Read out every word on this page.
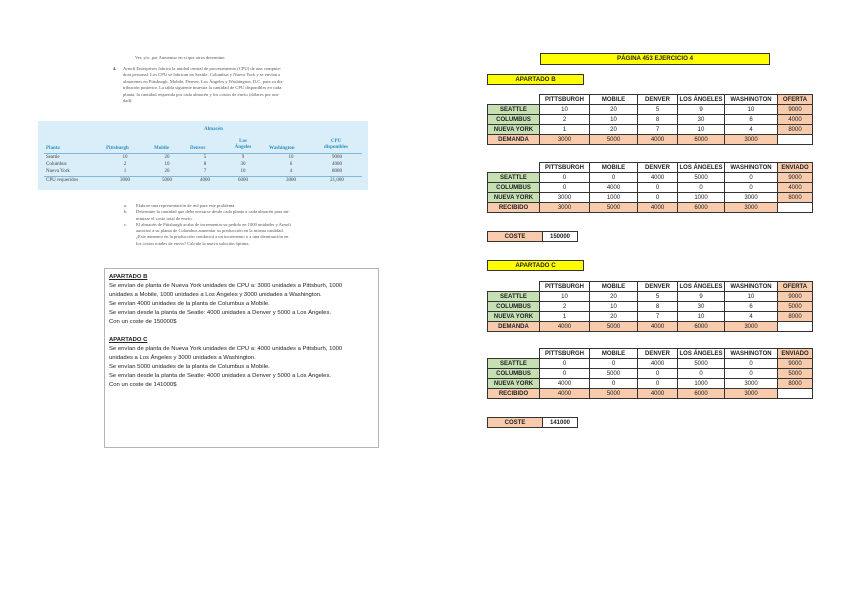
Ver, y/o, por Aumentar en si que otros determine.
4. Arnoft Enterprises fabrica la unidad central de procesamiento (CPU) de una computa-
dora personal. Los CPU se fabrican en Seattle, Columbus y Nueva York y se envían a
almacenes en Pittsburgh, Mobile, Denver, Los Ángeles y Washington, D.C. para su dis-
tribución posterior. La tabla siguiente muestra la cantidad de CPU disponibles en cada
planta, la cantidad requerida por cada almacén y los costos de envío (dólares por uni-
dad):
Almacén
Planta	Pittsburgh	Mobile	Denver
Los
Ángeles	Washington
CPU
disponibles
Seattle	10	20	5	9	10	9000
Columbus	2	10	8	30	6	4000
Nueva York	1	20	7	10	4	8000
CPU requeridos	3000	5000	4000	6000	3000	21,000
a. Elabore una representación de red para este problema.
b. Determine la cantidad que debe enviarse desde cada planta a cada almacén para mi-
nimizar el costo total de envío.
c. El almacén de Pittsburgh acaba de incrementar su pedido en 1000 unidades y Arnoft
autorizó a su planta de Columbus aumentar su producción en la misma cantidad.
¿Este aumento en la producción conducirá a un incremento o a una disminución en
los costos totales de envío? Calcule la nueva solución óptima.
APARTADO B
Se envían de planta de Nueva York unidades de CPU a: 3000 unidades a Pittsburh, 1000
unidades a Mobile, 1000 unidades a Los Ángeles y 3000 unidades a Washington.
Se envían 4000 unidades de la planta de Columbus a Mobile.
Se envían desde la planta de Seatle: 4000 unidades a Denver y 5000 a Los Ángeles.
Con un coste de 150000$
APARTADO C
Se envían de planta de Nueva York unidades de CPU a: 4000 unidades a Pittsburh, 1000
unidades a Los Ángeles y 3000 unidades a Washington.
Se envían 5000 unidades de la planta de Columbus a Mobile.
Se envían desde la planta de Seatle: 4000 unidades a Denver y 5000 a Los Ángeles.
Con un coste de 141000$
PÁGINA 453 EJERCICIO 4
APARTADO B
	PITTSBURGH	MOBILE	DENVER	LOS ÁNGELES	WASHINGTON	OFERTA
SEATTLE	10	20	5	9	10	9000
COLUMBUS	2	10	8	30	6	4000
NUEVA YORK	1	20	7	10	4	8000
DEMANDA	3000	5000	4000	6000	3000	
	PITTSBURGH	MOBILE	DENVER	LOS ÁNGELES	WASHINGTON	ENVIADO
SEATTLE	0	0	4000	5000	0	9000
COLUMBUS	0	4000	0	0	0	4000
NUEVA YORK	3000	1000	0	1000	3000	8000
RECIBIDO	3000	5000	4000	6000	3000	
COSTE	150000
APARTADO C
	PITTSBURGH	MOBILE	DENVER	LOS ÁNGELES	WASHINGTON	OFERTA
SEATTLE	10	20	5	9	10	9000
COLUMBUS	2	10	8	30	6	5000
NUEVA YORK	1	20	7	10	4	8000
DEMANDA	4000	5000	4000	6000	3000	
	PITTSBURGH	MOBILE	DENVER	LOS ÁNGELES	WASHINGTON	ENVIADO
SEATTLE	0	0	4000	5000	0	9000
COLUMBUS	0	5000	0	0	0	5000
NUEVA YORK	4000	0	0	1000	3000	8000
RECIBIDO	4000	5000	4000	6000	3000	
COSTE	141000
